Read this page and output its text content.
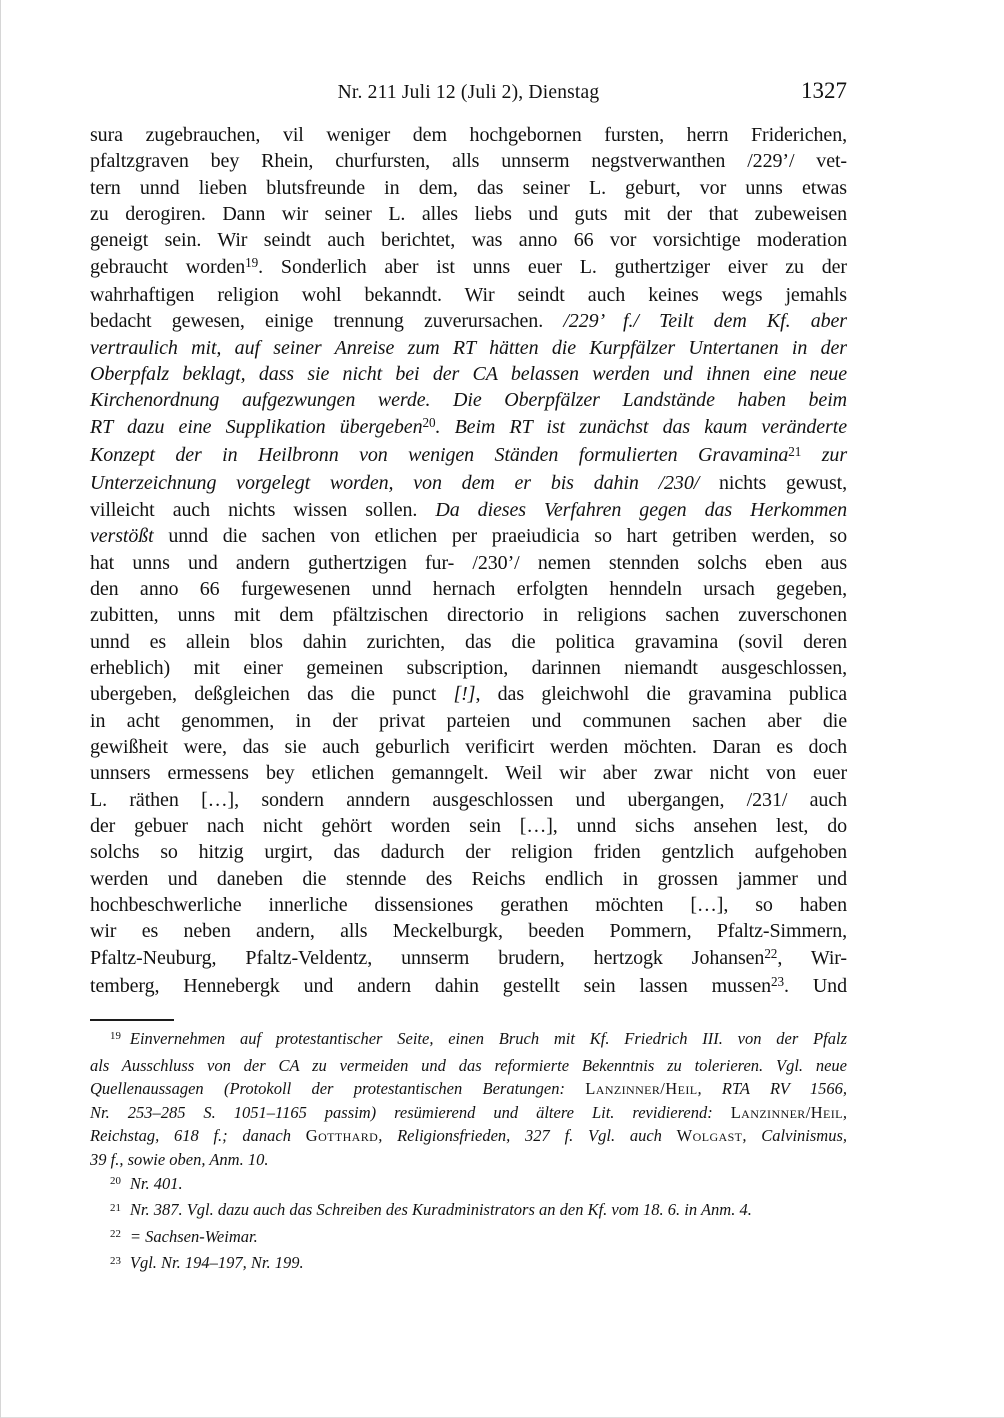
Nr. 211 Juli 12 (Juli 2), Dienstag	1327
sura zugebrauchen, vil weniger dem hochgebornen fursten, herrn Friderichen,
pfaltzgraven bey Rhein, churfursten, alls unnserm negstverwanthen /229’/ vet-
tern unnd lieben blutsfreunde in dem, das seiner L. geburt, vor unns etwas
zu derogiren. Dann wir seiner L. alles liebs und guts mit der that zubeweisen
geneigt sein. Wir seindt auch berichtet, was anno 66 vor vorsichtige moderation
gebraucht worden$^{19}$. Sonderlich aber ist unns euer L. guthertziger eiver zu der
wahrhaftigen religion wohl bekanndt. Wir seindt auch keines wegs jemahls
bedacht gewesen, einige trennung zuverursachen. /229’ f./ Teilt dem Kf. aber
vertraulich mit, auf seiner Anreise zum RT hätten die Kurpfälzer Untertanen in der
Oberpfalz beklagt, dass sie nicht bei der CA belassen werden und ihnen eine neue
Kirchenordnung aufgezwungen werde. Die Oberpfälzer Landstände haben beim
RT dazu eine Supplikation übergeben$^{20}$. Beim RT ist zunächst das kaum veränderte
Konzept der in Heilbronn von wenigen Ständen formulierten Gravamina$^{21}$ zur
Unterzeichnung vorgelegt worden, von dem er bis dahin /230/ nichts gewust,
villeicht auch nichts wissen sollen. Da dieses Verfahren gegen das Herkommen
verstößt unnd die sachen von etlichen per praeiudicia so hart getriben werden, so
hat unns und andern guthertzigen fur- /230’/ nemen stennden solchs eben aus
den anno 66 furgewesenen unnd hernach erfolgten henndeln ursach gegeben,
zubitten, unns mit dem pfältzischen directorio in religions sachen zuverschonen
unnd es allein blos dahin zurichten, das die politica gravamina (sovil deren
erheblich) mit einer gemeinen subscription, darinnen niemandt ausgeschlossen,
ubergeben, deßgleichen das die punct [!], das gleichwohl die gravamina publica
in acht genommen, in der privat parteien und communen sachen aber die
gewißheit were, das sie auch geburlich verificirt werden möchten. Daran es doch
unnsers ermessens bey etlichen gemanngelt. Weil wir aber zwar nicht von euer
L. räthen […], sondern anndern ausgeschlossen und ubergangen, /231/ auch
der gebuer nach nicht gehört worden sein […], unnd sichs ansehen lest, do
solchs so hitzig urgirt, das dadurch der religion friden gentzlich aufgehoben
werden und daneben die stennde des Reichs endlich in grossen jammer und
hochbeschwerliche innerliche dissensiones gerathen möchten […], so haben
wir es neben andern, alls Meckelburgk, beeden Pommern, Pfaltz-Simmern,
Pfaltz-Neuburg, Pfaltz-Veldentz, unnserm brudern, hertzogk Johansen$^{22}$, Wir-
temberg, Hennebergk und andern dahin gestellt sein lassen mussen$^{23}$. Und
$^{19}$ Einvernehmen auf protestantischer Seite, einen Bruch mit Kf. Friedrich III. von der Pfalz
als Ausschluss von der CA zu vermeiden und das reformierte Bekenntnis zu tolerieren. Vgl. neue
Quellenaussagen (Protokoll der protestantischen Beratungen: Lanzinner/Heil, RTA RV 1566,
Nr. 253–285 S. 1051–1165 passim) resümierend und ältere Lit. revidierend: Lanzinner/Heil,
Reichstag, 618 f.; danach Gotthard, Religionsfrieden, 327 f. Vgl. auch Wolgast, Calvinismus,
39 f., sowie oben, Anm. 10.
$^{20}$ Nr. 401.
$^{21}$ Nr. 387. Vgl. dazu auch das Schreiben des Kuradministrators an den Kf. vom 18. 6. in Anm. 4.
$^{22}$ = Sachsen-Weimar.
$^{23}$ Vgl. Nr. 194–197, Nr. 199.
